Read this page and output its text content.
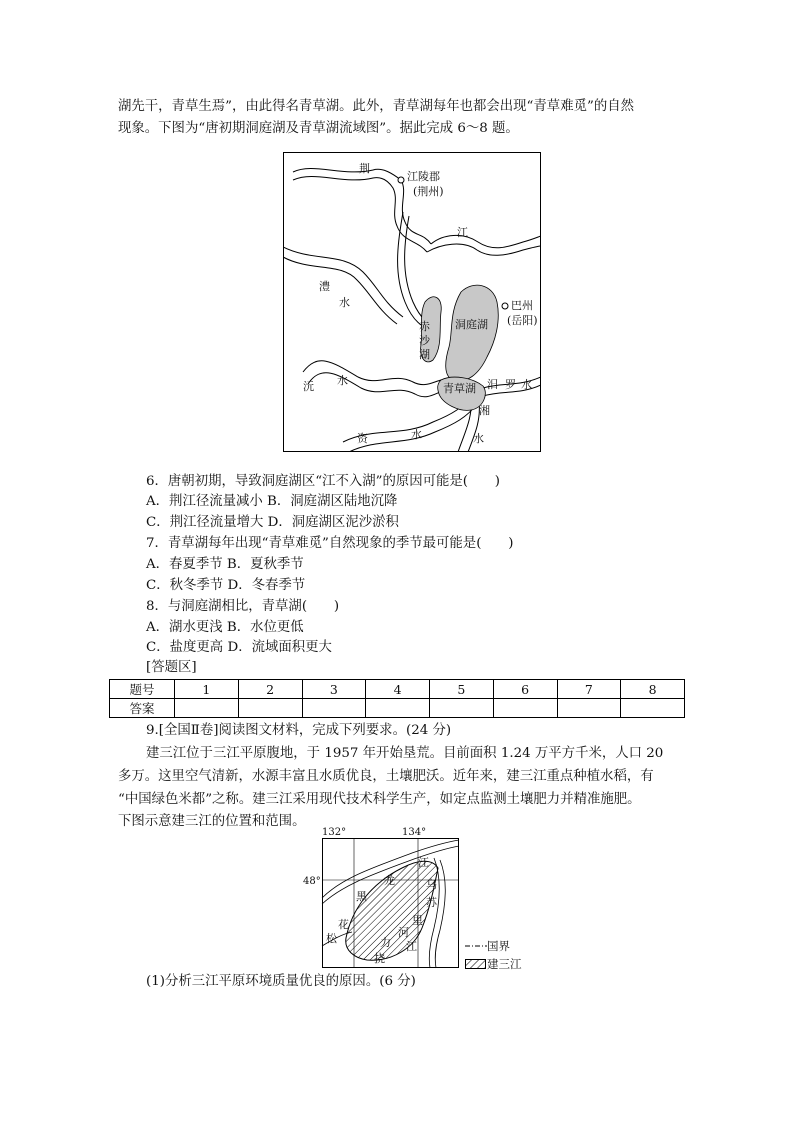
湖先干，青草生焉”，由此得名青草湖。此外，青草湖每年也都会出现“青草难觅”的自然
现象。下图为“唐初期洞庭湖及青草湖流域图”。据此完成 6～8 题。
荆
江陵郡
(荆州)
江
澧
水	巴州
(岳阳)
赤
沙
湖
洞庭湖
沅 水
青草湖 汨 罗 水
湘
水
资	水
6．唐朝初期，导致洞庭湖区“江不入湖”的原因可能是(　　)
A．荆江径流量减小 B．洞庭湖区陆地沉降
C．荆江径流量增大 D．洞庭湖区泥沙淤积
7．青草湖每年出现“青草难觅”自然现象的季节最可能是(　　)
A．春夏季节 B．夏秋季节
C．秋冬季节 D．冬春季节
8．与洞庭湖相比，青草湖(　　)
A．湖水更浅 B．水位更低
C．盐度更高 D．流域面积更大
[答题区]
题号	1	2	3	4	5	6	7	8
答案								
9.[全国Ⅱ卷]阅读图文材料，完成下列要求。(24 分)
建三江位于三江平原腹地，于 1957 年开始垦荒。目前面积 1.24 万平方千米，人口 20
多万。这里空气清新，水源丰富且水质优良，土壤肥沃。近年来，建三江重点种植水稻，有
“中国绿色米都”之称。建三江采用现代技术科学生产，如定点监测土壤肥力并精准施肥。
下图示意建三江的位置和范围。
132°	134°
48°
黑
龙
江
乌
苏
里
松
花
江
挠
力
河
国界
建三江
(1)分析三江平原环境质量优良的原因。(6 分)
